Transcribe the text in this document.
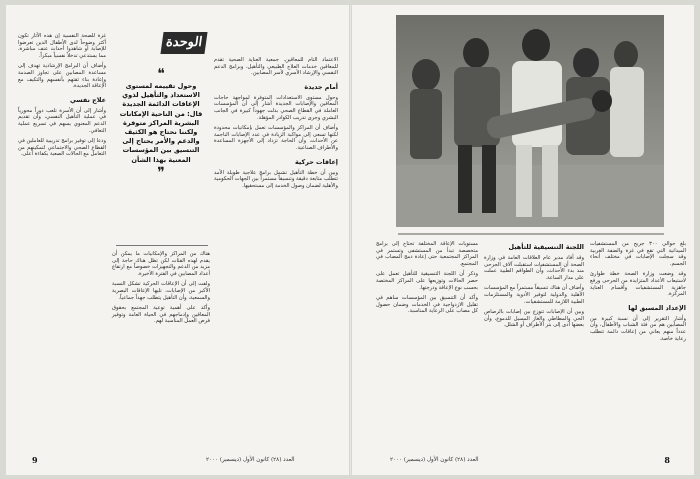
الوحدة

الاعتماد التام للمعاقين. جمعية العناية الصحية تقدم للمعاقين خدمات العلاج الطبيعي والتأهيل، وبرامج الدعم النفسي والإرشاد الأسري لأسر المصابين.

أمام جديدة

وحول مستوى الاستعدادات المتوفرة لمواجهة حاجات المعاقين والإصابات الجديدة أشار إلى أن المؤسسات العاملة في القطاع الصحي بذلت جهوداً كبيرة في الجانب البشري وجرى تدريب الكوادر المؤهلة.

وأضاف أن المراكز والمؤسسات تعمل بإمكانيات محدودة لكنها تسعى إلى مواكبة الزيادة في عدد الإصابات الناجمة عن الأحداث، وأن الحاجة تزداد إلى الأجهزة المساعدة والأطراف الصناعية.

إعاقات حركية

وبين أن خطة التأهيل تشمل برامج علاجية طويلة الأمد تتطلب متابعة دقيقة وتنسيقاً مستمراً بين الجهات الحكومية والأهلية لضمان وصول الخدمة إلى مستحقيها.

❝
وحول تقييمه لمستوى الاستعداد والتأهيل لذوي الإعاقات الدائمة الجديدة قال: من الناحية الإمكانات البشرية المراكز متوفرة ولكننا نحتاج هو الكثيف والدعم والأمر يحتاج إلى التنسيق بين المؤسسات المعنية بهذا الشأن
❞

هناك من المراكز والإمكانيات ما يمكن أن يقدم لهذه الفئات لكن تظل هناك حاجة إلى مزيد من الدعم والتجهيزات خصوصاً مع ارتفاع أعداد المصابين في الفترة الأخيرة.

ولفت إلى أن الإعاقات الحركية تشكل النسبة الأكبر من الإصابات، تليها الإعاقات البصرية والسمعية، وأن التأهيل يتطلب جهداً جماعياً.

وأكد على أهمية توعية المجتمع بحقوق المعاقين وإدماجهم في الحياة العامة وتوفير فرص العمل المناسبة لهم.

غزة للصحة النفسية إن هذه الآثار تكون أكثر وضوحاً لدى الأطفال الذين تعرضوا للإصابة أو شاهدوا أحداث عنف مباشرة، مما يستدعي تدخلاً نفسياً مبكراً.

وأضاف أن البرامج الإرشادية تهدف إلى مساعدة المصابين على تجاوز الصدمة وإعادة بناء ثقتهم بأنفسهم والتكيف مع الإعاقة الجديدة.

علاج نفسي

وأشار إلى أن الأسرة تلعب دوراً محورياً في عملية التأهيل النفسي، وأن تقديم الدعم المعنوي يسهم في تسريع عملية التعافي.

ودعا إلى توفير برامج تدريبية للعاملين في القطاع الصحي والاجتماعي لتمكينهم من التعامل مع الحالات الصعبة بكفاءة أعلى.

9	العدد (٢٨) كانون الأول (ديسمبر) ٢٠٠٠

بلغ حوالي ٣٠٠ جريح من المستشفيات الميدانية التي تقع في غزة والضفة الغربية وقد سجلت الإصابات في مختلف أنحاء الجسم.

وقد وضعت وزارة الصحة خطة طوارئ لاستيعاب الأعداد المتزايدة من الجرحى ورفع جاهزية المستشفيات وأقسام العناية المركزة.

الإعداد المسبق لها

وأشار التقرير إلى أن نسبة كبيرة من المصابين هم من فئة الشباب والأطفال، وأن عدداً منهم يعاني من إعاقات دائمة تتطلب رعاية خاصة.

اللجنة التنسيقية للتأهيل

وقد أفاد مدير عام العلاقات العامة في وزارة الصحة أن المستشفيات استقبلت آلاف الجرحى منذ بدء الأحداث، وأن الطواقم الطبية عملت على مدار الساعة.

وأضاف أن هناك تنسيقاً مستمراً مع المؤسسات الأهلية والدولية لتوفير الأدوية والمستلزمات الطبية اللازمة للمستشفيات.

وبين أن الإصابات تتوزع بين إصابات بالرصاص الحي والمطاطي والغاز المسيل للدموع، وأن بعضها أدى إلى بتر الأطراف أو الشلل.

مستويات الإعاقة المختلفة تحتاج إلى برامج متخصصة تبدأ من المستشفى وتستمر في المراكز المجتمعية حتى إعادة دمج المصاب في المجتمع.

وذكر أن اللجنة التنسيقية للتأهيل تعمل على حصر الحالات وتوزيعها على المراكز المختصة بحسب نوع الإعاقة ودرجتها.

وأكد أن التنسيق بين المؤسسات ساهم في تقليل الازدواجية في الخدمات وضمان حصول كل مصاب على الرعاية المناسبة.

العدد (٢٨) كانون الأول (ديسمبر) ٢٠٠٠	8
